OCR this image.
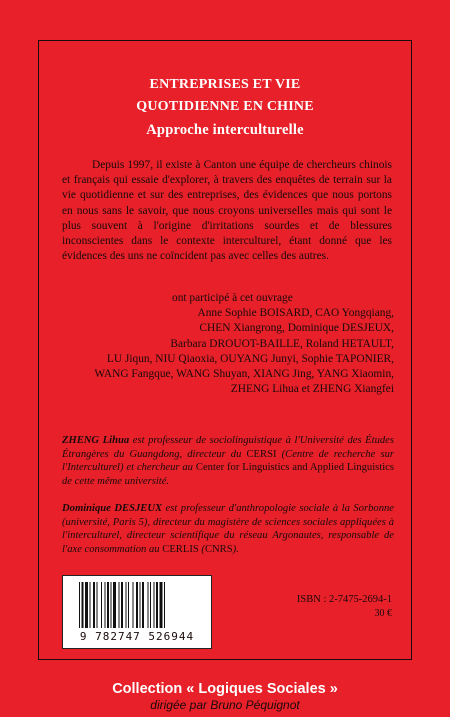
ENTREPRISES ET VIE
QUOTIDIENNE EN CHINE
Approche interculturelle

Depuis 1997, il existe à Canton une équipe de chercheurs chinois et français qui essaie d'explorer, à travers des enquêtes de terrain sur la vie quotidienne et sur des entreprises, des évidences que nous portons en nous sans le savoir, que nous croyons universelles mais qui sont le plus souvent à l'origine d'irritations sourdes et de blessures inconscientes dans le contexte interculturel, étant donné que les évidences des uns ne coïncident pas avec celles des autres.

ont participé à cet ouvrage
Anne Sophie BOISARD, CAO Yongqiang,
CHEN Xiangrong, Dominique DESJEUX,
Barbara DROUOT-BAILLE, Roland HETAULT,
LU Jiqun, NIU Qiaoxia, OUYANG Junyi, Sophie TAPONIER,
WANG Fangque, WANG Shuyan, XIANG Jing, YANG Xiaomin,
ZHENG Lihua et ZHENG Xiangfei

ZHENG Lihua est professeur de sociolinguistique à l'Université des Études Étrangères du Guangdong, directeur du CERSI (Centre de recherche sur l'Interculturel) et chercheur au Center for Linguistics and Applied Linguistics de cette même université.

Dominique DESJEUX est professeur d'anthropologie sociale à la Sorbonne (université, Paris 5), directeur du magistère de sciences sociales appliquées à l'interculturel, directeur scientifique du réseau Argonautes, responsable de l'axe consommation au CERLIS (CNRS).

9 782747 526944
ISBN : 2-7475-2694-1
30 €
Collection « Logiques Sociales »
dirigée par Bruno Péquignot
